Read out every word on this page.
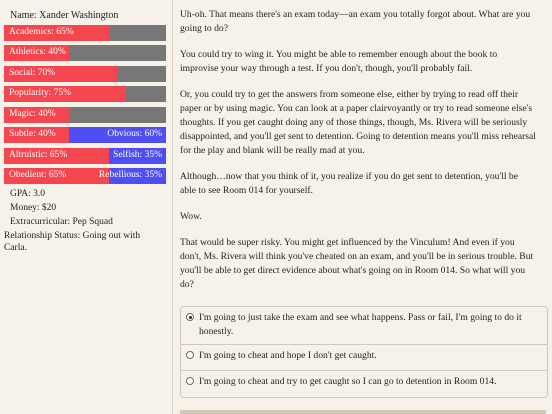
Name: Xander Washington
Academics: 65%
Athletics: 40%
Social: 70%
Popularity: 75%
Magic: 40%
Subtle: 40%	Obvious: 60%
Altruistic: 65%	Selfish: 35%
Obedient: 65%	Rebellious: 35%
GPA: 3.0
Money: $20
Extracurricular: Pep Squad
Relationship Status: Going out with Carla.

Uh-oh. That means there's an exam today—an exam you totally forgot about. What are you going to do?

You could try to wing it. You might be able to remember enough about the book to improvise your way through a test. If you don't, though, you'll probably fail.

Or, you could try to get the answers from someone else, either by trying to read off their paper or by using magic. You can look at a paper clairvoyantly or try to read someone else's thoughts. If you get caught doing any of those things, though, Ms. Rivera will be seriously disappointed, and you'll get sent to detention. Going to detention means you'll miss rehearsal for the play and blank will be really mad at you.

Although…now that you think of it, you realize if you do get sent to detention, you'll be able to see Room 014 for yourself.

Wow.

That would be super risky. You might get influenced by the Vinculum! And even if you don't, Ms. Rivera will think you've cheated on an exam, and you'll be in serious trouble. But you'll be able to get direct evidence about what's going on in Room 014. So what will you do?

I'm going to just take the exam and see what happens. Pass or fail, I'm going to do it honestly.
I'm going to cheat and hope I don't get caught.
I'm going to cheat and try to get caught so I can go to detention in Room 014.
